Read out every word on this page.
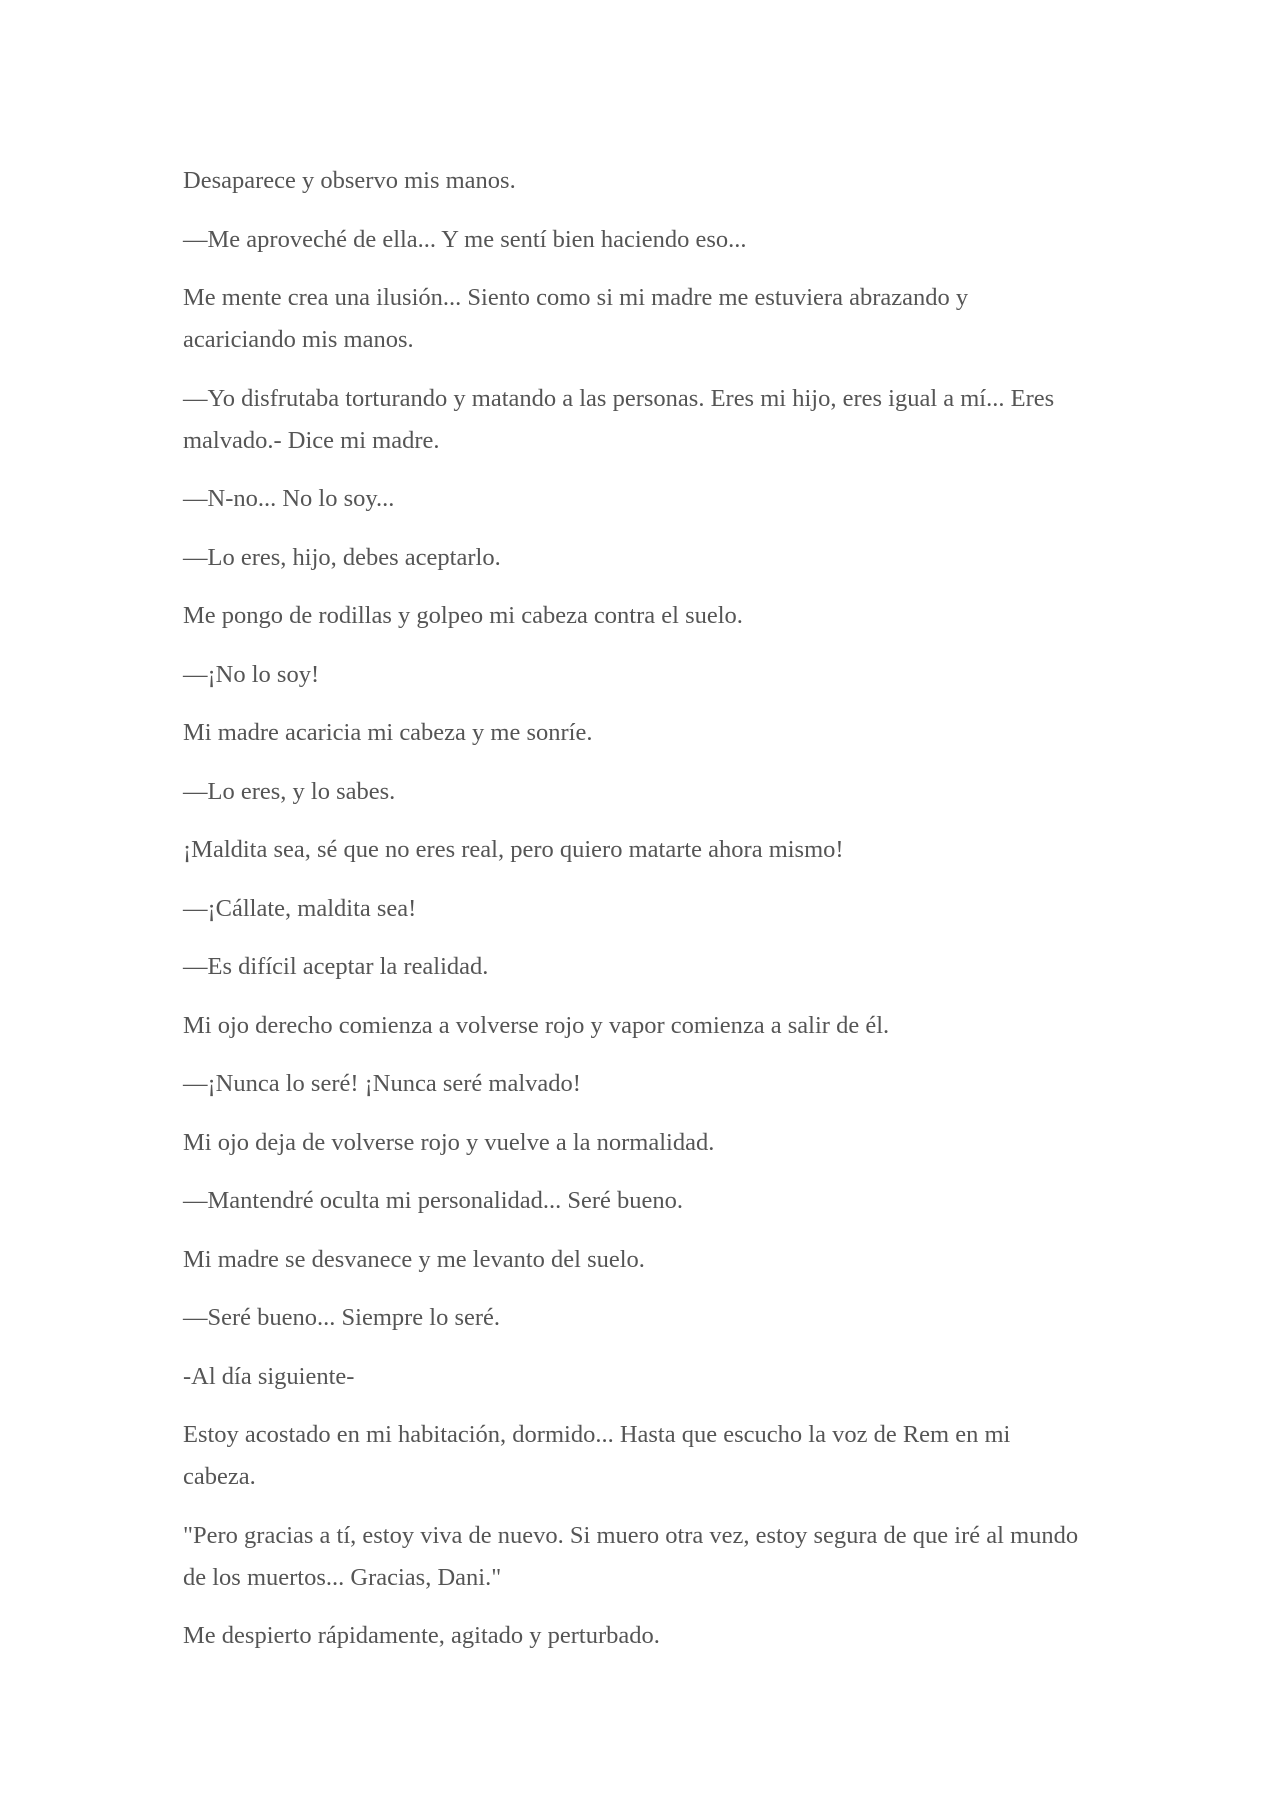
Desaparece y observo mis manos.

—Me aproveché de ella... Y me sentí bien haciendo eso...

Me mente crea una ilusión... Siento como si mi madre me estuviera abrazando y acariciando mis manos.

—Yo disfrutaba torturando y matando a las personas. Eres mi hijo, eres igual a mí... Eres malvado.- Dice mi madre.

—N-no... No lo soy...

—Lo eres, hijo, debes aceptarlo.

Me pongo de rodillas y golpeo mi cabeza contra el suelo.

—¡No lo soy!

Mi madre acaricia mi cabeza y me sonríe.

—Lo eres, y lo sabes.

¡Maldita sea, sé que no eres real, pero quiero matarte ahora mismo!

—¡Cállate, maldita sea!

—Es difícil aceptar la realidad.

Mi ojo derecho comienza a volverse rojo y vapor comienza a salir de él.

—¡Nunca lo seré! ¡Nunca seré malvado!

Mi ojo deja de volverse rojo y vuelve a la normalidad.

—Mantendré oculta mi personalidad... Seré bueno.

Mi madre se desvanece y me levanto del suelo.

—Seré bueno... Siempre lo seré.

-Al día siguiente-

Estoy acostado en mi habitación, dormido... Hasta que escucho la voz de Rem en mi cabeza.

"Pero gracias a tí, estoy viva de nuevo. Si muero otra vez, estoy segura de que iré al mundo de los muertos... Gracias, Dani."

Me despierto rápidamente, agitado y perturbado.
